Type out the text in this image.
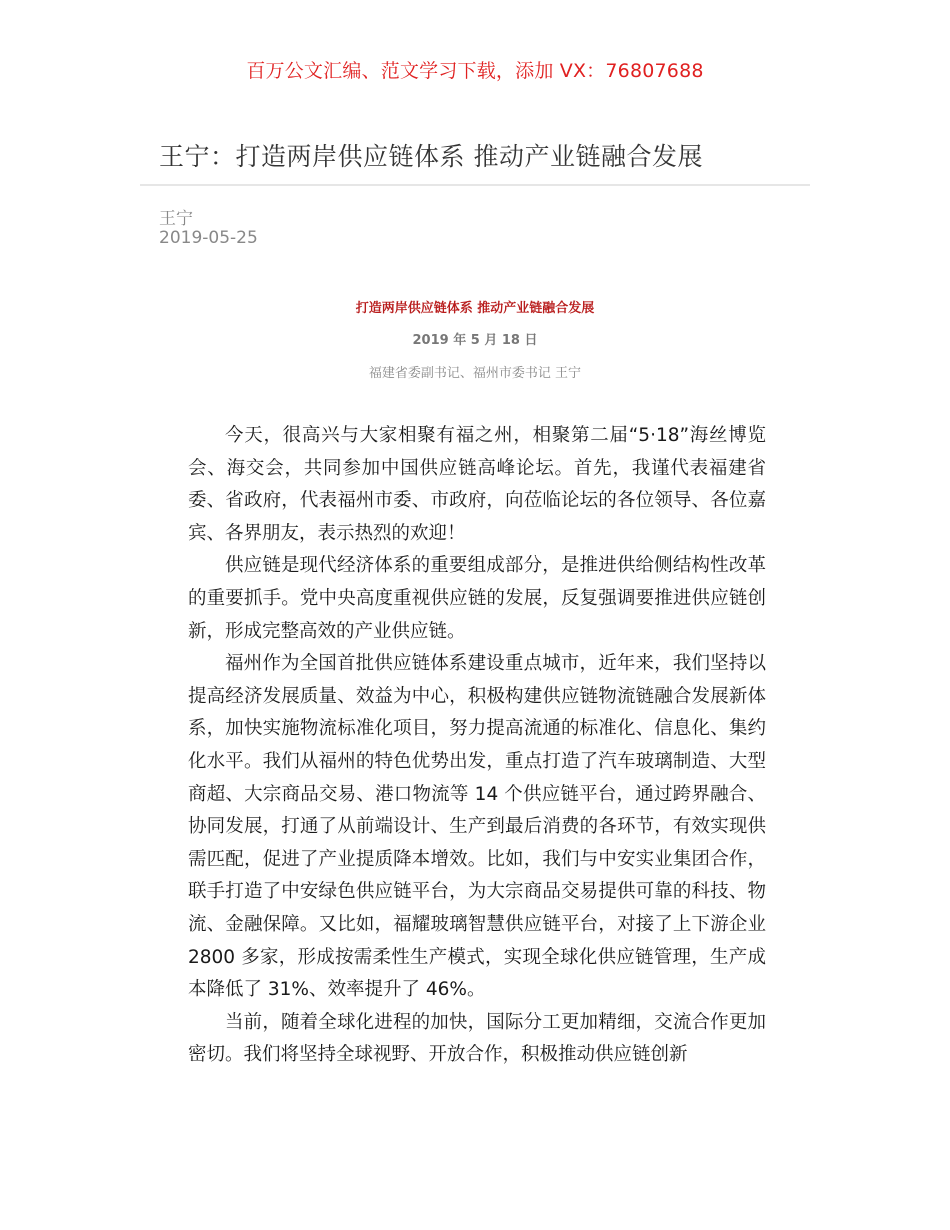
百万公文汇编、范文学习下载，添加 VX：76807688
王宁：打造两岸供应链体系 推动产业链融合发展
王宁
2019-05-25
打造两岸供应链体系 推动产业链融合发展
2019 年 5 月 18 日
福建省委副书记、福州市委书记 王宁

今天，很高兴与大家相聚有福之州，相聚第二届“5·18”海丝博览会、海交会，共同参加中国供应链高峰论坛。首先，我谨代表福建省委、省政府，代表福州市委、市政府，向莅临论坛的各位领导、各位嘉宾、各界朋友，表示热烈的欢迎！

供应链是现代经济体系的重要组成部分，是推进供给侧结构性改革的重要抓手。党中央高度重视供应链的发展，反复强调要推进供应链创新，形成完整高效的产业供应链。

福州作为全国首批供应链体系建设重点城市，近年来，我们坚持以提高经济发展质量、效益为中心，积极构建供应链物流链融合发展新体系，加快实施物流标准化项目，努力提高流通的标准化、信息化、集约化水平。我们从福州的特色优势出发，重点打造了汽车玻璃制造、大型商超、大宗商品交易、港口物流等 14 个供应链平台，通过跨界融合、协同发展，打通了从前端设计、生产到最后消费的各环节，有效实现供需匹配，促进了产业提质降本增效。比如，我们与中安实业集团合作，联手打造了中安绿色供应链平台，为大宗商品交易提供可靠的科技、物流、金融保障。又比如，福耀玻璃智慧供应链平台，对接了上下游企业 2800 多家，形成按需柔性生产模式，实现全球化供应链管理，生产成本降低了 31%、效率提升了 46%。

当前，随着全球化进程的加快，国际分工更加精细，交流合作更加密切。我们将坚持全球视野、开放合作，积极推动供应链创新
